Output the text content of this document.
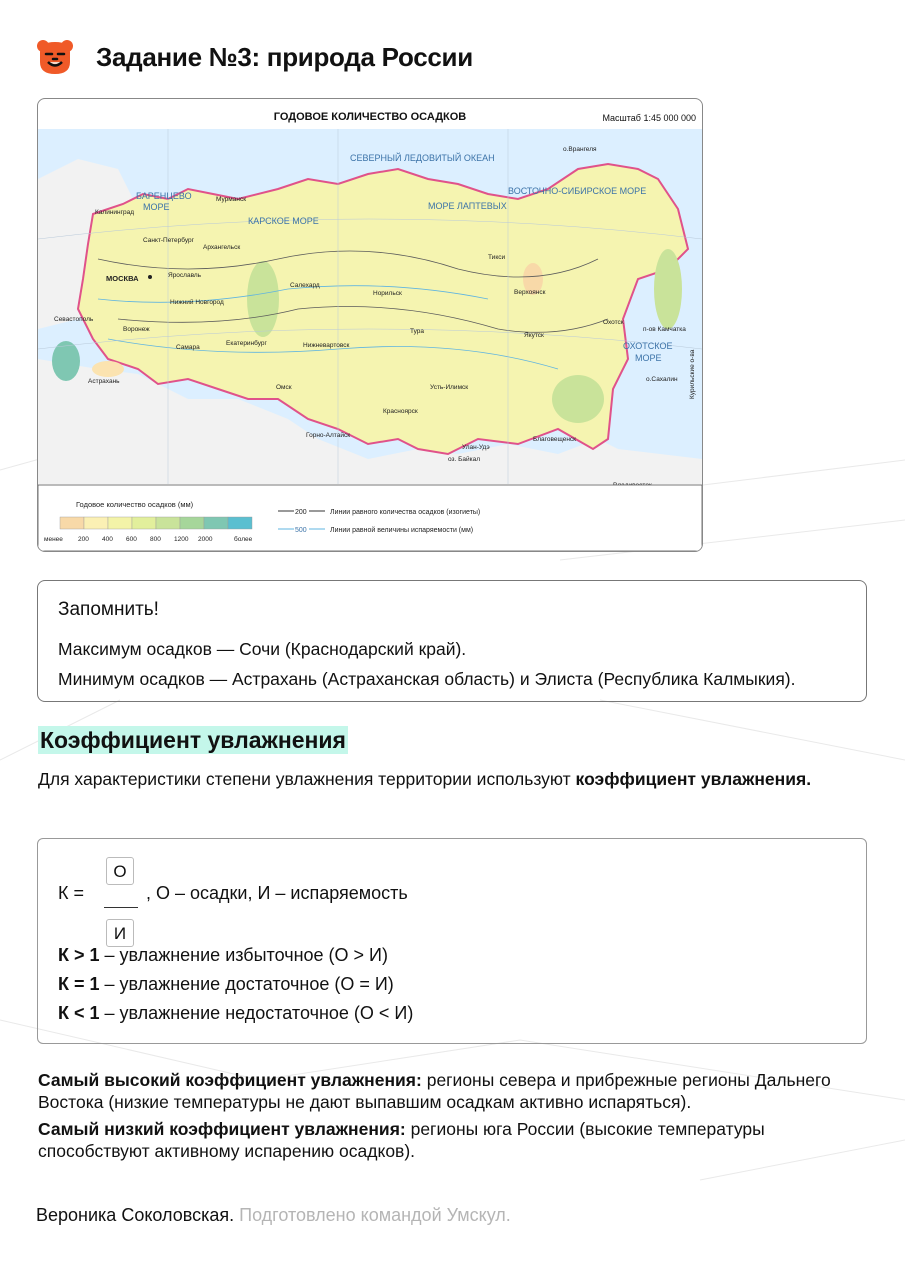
Задание №3: природа России
СЕВЕРНЫЙ ЛЕДОВИТЫЙ ОКЕАН
БАРЕНЦЕВО
МОРЕ
КАРСКОЕ МОРЕ
МОРЕ ЛАПТЕВЫХ
ВОСТОЧНО-СИБИРСКОЕ МОРЕ
ОХОТСКОЕ
МОРЕ
МОСКВА
Санкт-Петербург
Архангельск
Мурманск
Калининград
Ярославль
Нижний Новгород
Воронеж
Севастополь
Самара
Астрахань
Екатеринбург
Салехард
Норильск
Нижневартовск
Омск
Тура
Красноярск
Усть-Илимск
Якутск
Тикси
Верхоянск
Охотск
Благовещенск
Улан-Удэ
Горно-Алтайск
о.Сахалин
п-ов Камчатка
о.Врангеля
оз. Байкал
Курильские о-ва
Годовое количество осадков (мм)
менее 200 400 600 800 1200 2000	более
200	Линии равного количества осадков (изогиеты)
500	Линии равной величины испаряемости (мм)
ГОДОВОЕ КОЛИЧЕСТВО ОСАДКОВ	Масштаб 1:45 000 000
Запомнить!

Максимум осадков — Сочи (Краснодарский край).

Минимум осадков — Астрахань (Астраханская область) и Элиста (Республика Калмыкия).

Коэффициент увлажнения

Для характеристики степени увлажнения территории используют коэффициент увлажнения.

К =
О
И
, О – осадки, И – испаряемость
К > 1 – увлажнение избыточное (О > И)
К = 1 – увлажнение достаточное (О = И)
К < 1 – увлажнение недостаточное (О < И)

Самый высокий коэффициент увлажнения: регионы севера и прибрежные регионы Дальнего Востока (низкие температуры не дают выпавшим осадкам активно испаряться).

Самый низкий коэффициент увлажнения: регионы юга России (высокие температуры способствуют активному испарению осадков).

Вероника Соколовская. Подготовлено командой Умскул.
